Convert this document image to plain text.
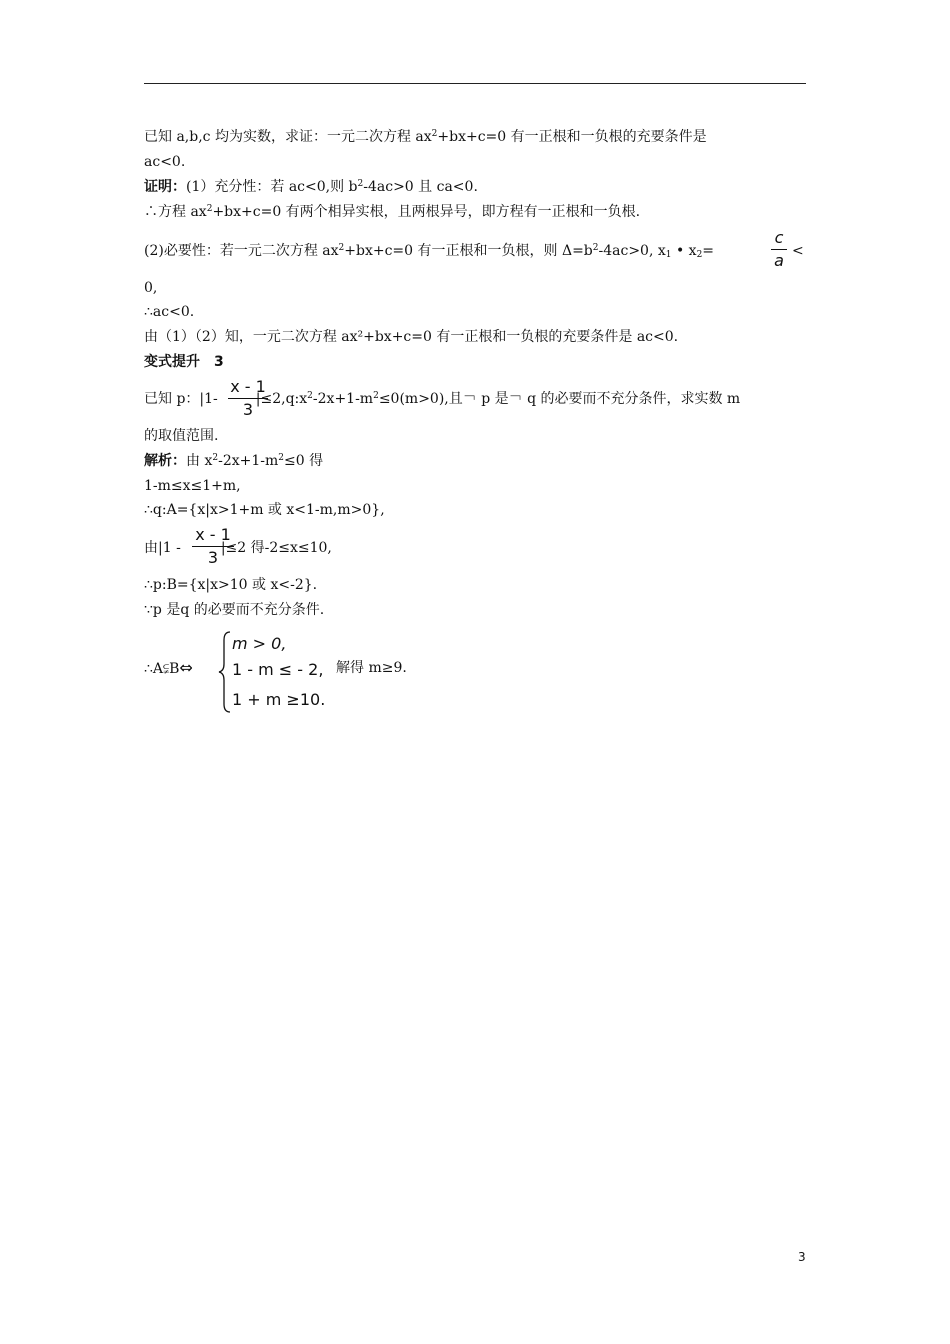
已知 a,b,c 均为实数，求证：一元二次方程 $ax^2+bx+c=0$ 有一正根和一负根的充要条件是
ac<0.
证明：(1）充分性：若 ac<0,则 $b^2-4ac>0$ 且 ca<0.
∴方程 $ax^2+bx+c=0$ 有两个相异实根，且两根异号，即方程有一正根和一负根.
(2)必要性：若一元二次方程 $ax^2+bx+c=0$ 有一正根和一负根，则 $\Delta=b^2-4ac>0$, $x_1$ • $x_2=$
c
a <
0,
∴ac<0.
由（1）（2）知，一元二次方程 ax²+bx+c=0 有一正根和一负根的充要条件是 ac<0.
变式提升　3
已知 p：|1-	$|\le 2,q:x^2-2x+1-m^2\le 0(m>0)$,且￢ p 是￢ q 的必要而不充分条件，求实数 m
x - 1
3
的取值范围.
解析：由 $x^2-2x+1-m^2\le 0$ 得
1-m≤x≤1+m,
∴q:A={x|x>1+m 或 x<1-m,m>0},
由|1 -	|≤2 得-2≤x≤10,
x - 1
3
∴p:B={x|x>10 或 x<-2}.
∵p 是q 的必要而不充分条件.
∴A⫋B⇔
m > 0,
1 - m ≤ - 2,
1 + m ≥10.
解得 m≥9.
3
